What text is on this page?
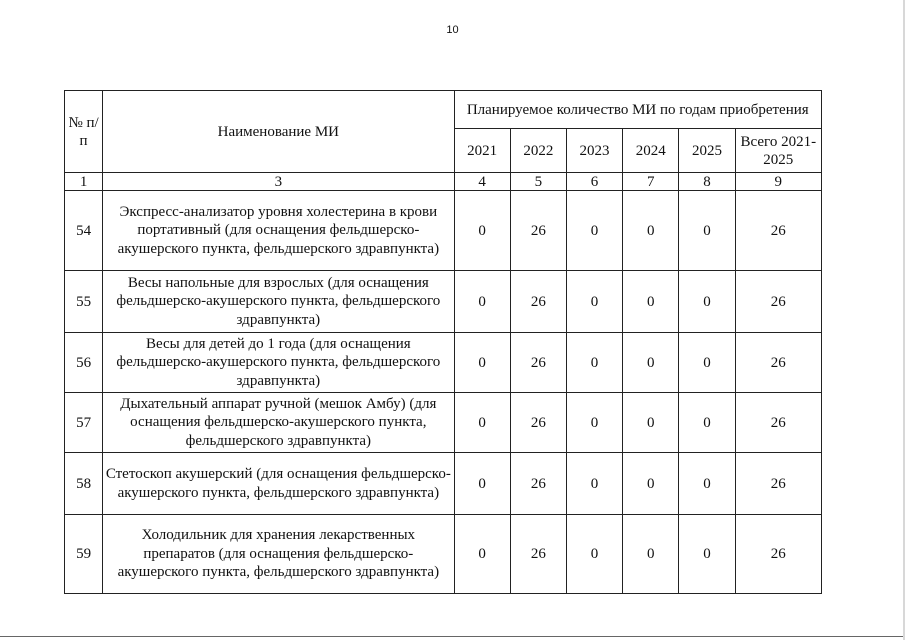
10
№ п/п	Наименование МИ	Планируемое количество МИ по годам приобретения					
		2021	2022	2023	2024	2025	Всего 2021-2025
1	3	4	5	6	7	8	9
54	Экспресс-анализатор уровня холестерина в крови портативный (для оснащения фельдшерско-акушерского пункта, фельдшерского здравпункта)	0	26	0	0	0	26
55	Весы напольные для взрослых (для оснащения фельдшерско-акушерского пункта, фельдшерского здравпункта)	0	26	0	0	0	26
56	Весы для детей до 1 года (для оснащения фельдшерско-акушерского пункта, фельдшерского здравпункта)	0	26	0	0	0	26
57	Дыхательный аппарат ручной (мешок Амбу) (для оснащения фельдшерско-акушерского пункта, фельдшерского здравпункта)	0	26	0	0	0	26
58	Стетоскоп акушерский (для оснащения фельдшерско-акушерского пункта, фельдшерского здравпункта)	0	26	0	0	0	26
59	Холодильник для хранения лекарственных препаратов (для оснащения фельдшерско-акушерского пункта, фельдшерского здравпункта)	0	26	0	0	0	26
